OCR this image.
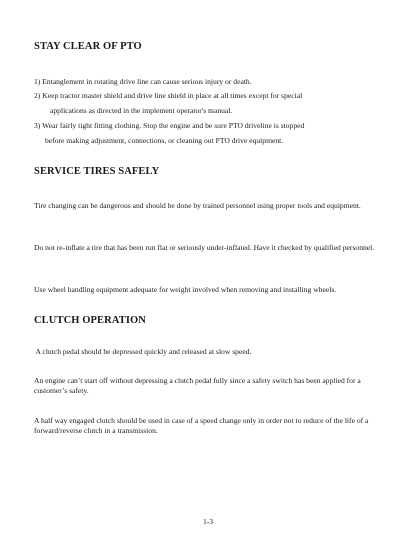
STAY CLEAR OF PTO

1) Entanglement in rotating drive line can cause serious injury or death.

2) Keep tractor master shield and drive line shield in place at all times except for special

applications as directed in the implement operator's manual.

3) Wear fairly tight fitting clothing. Stop the engine and be sure PTO driveline is stopped

before making adjustment, connections, or cleaning out PTO drive equipment.

SERVICE TIRES SAFELY

Tire changing can be dangerous and should be done by trained personnel using proper tools and equipment.

Do not re-inflate a tire that has been run flat or seriously under-inflated. Have it checked by qualified personnel.

Use wheel handling equipment adequate for weight involved when removing and installing wheels.

CLUTCH OPERATION

A clutch pedal should be depressed quickly and released at slow speed.

An engine can’t start off without depressing a clutch pedal fully since a safety switch has been applied for a customer’s safety.

A half way engaged clutch should be used in case of a speed change only in order not to reduce of the life of a forward/reverse clutch in a transmission.

1-3
